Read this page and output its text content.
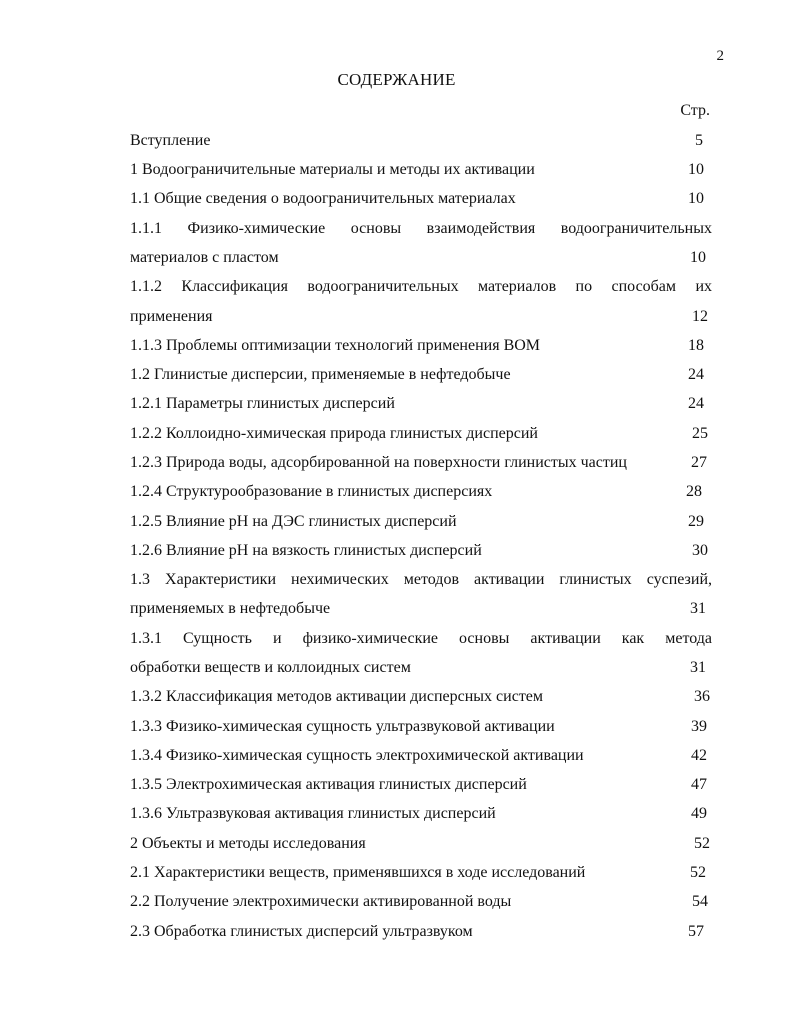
2
СОДЕРЖАНИЕ
Стр.
Вступление	5
1 Водоограничительные материалы и методы их активации	10
1.1 Общие сведения о водоограничительных материалах	10
1.1.1 Физико-химические основы взаимодействия водоограничительных
материалов с пластом	10
1.1.2 Классификация водоограничительных материалов по способам их
применения	12
1.1.3 Проблемы оптимизации технологий применения ВОМ	18
1.2 Глинистые дисперсии, применяемые в нефтедобыче	24
1.2.1 Параметры глинистых дисперсий	24
1.2.2 Коллоидно-химическая природа глинистых дисперсий	25
1.2.3 Природа воды, адсорбированной на поверхности глинистых частиц	27
1.2.4 Структурообразование в глинистых дисперсиях	28
1.2.5 Влияние рН на ДЭС глинистых дисперсий	29
1.2.6 Влияние рН на вязкость глинистых дисперсий	30
1.3 Характеристики нехимических методов активации глинистых суспезий,
применяемых в нефтедобыче	31
1.3.1 Сущность и физико-химические основы активации как метода
обработки веществ и коллоидных систем	31
1.3.2 Классификация методов активации дисперсных систем	36
1.3.3 Физико-химическая сущность ультразвуковой активации	39
1.3.4 Физико-химическая сущность электрохимической активации	42
1.3.5 Электрохимическая активация глинистых дисперсий	47
1.3.6 Ультразвуковая активация глинистых дисперсий	49
2 Объекты и методы исследования	52
2.1 Характеристики веществ, применявшихся в ходе исследований	52
2.2 Получение электрохимически активированной воды	54
2.3 Обработка глинистых дисперсий ультразвуком	57
